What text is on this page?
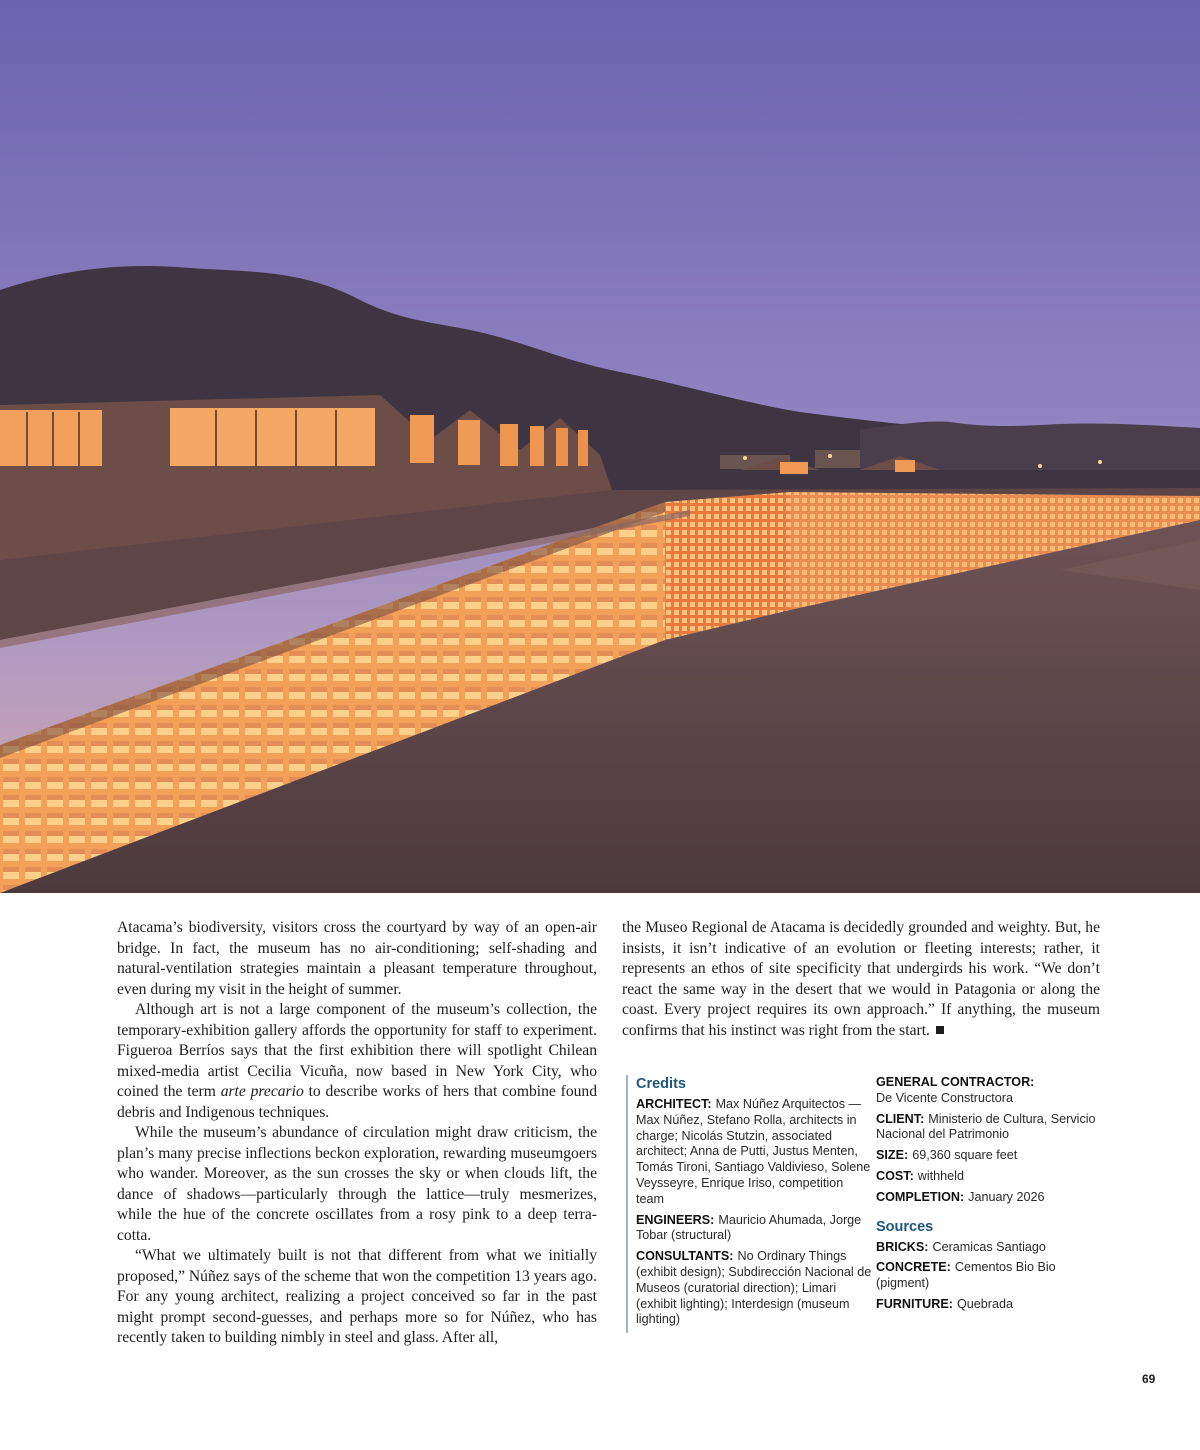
Atacama’s biodiversity, visitors cross the courtyard by way of an open-air bridge. In fact, the museum has no air-conditioning; self-shading and natural-ventilation strategies maintain a pleasant temperature throughout, even during my visit in the height of summer.

Although art is not a large component of the museum’s collection, the temporary-exhibition gallery affords the opportunity for staff to experiment. Figueroa Berríos says that the first exhibition there will spotlight Chilean mixed-media artist Cecilia Vicuña, now based in New York City, who coined the term arte precario to describe works of hers that combine found debris and Indigenous techniques.

While the museum’s abundance of circulation might draw criticism, the plan’s many precise inflections beckon exploration, rewarding museumgoers who wander. Moreover, as the sun crosses the sky or when clouds lift, the dance of shadows—particularly through the lattice—truly mesmerizes, while the hue of the concrete oscillates from a rosy pink to a deep terra-cotta.

“What we ultimately built is not that different from what we initially proposed,” Núñez says of the scheme that won the competition 13 years ago. For any young architect, realizing a project conceived so far in the past might prompt second-guesses, and perhaps more so for Núñez, who has recently taken to building nimbly in steel and glass. After all,

the Museo Regional de Atacama is decidedly grounded and weighty. But, he insists, it isn’t indicative of an evolution or fleeting interests; rather, it represents an ethos of site specificity that undergirds his work. “We don’t react the same way in the desert that we would in Patagonia or along the coast. Every project requires its own approach.” If anything, the museum confirms that his instinct was right from the start.

Credits

ARCHITECT: Max Núñez Arquitectos — Max Núñez, Stefano Rolla, architects in charge; Nicolás Stutzin, associated architect; Anna de Putti, Justus Menten, Tomás Tironi, Santiago Valdivieso, Solene Veysseyre, Enrique Iriso, competition team

ENGINEERS: Mauricio Ahumada, Jorge Tobar (structural)

CONSULTANTS: No Ordinary Things (exhibit design); Subdirección Nacional de Museos (curatorial direction); Limari (exhibit lighting); Interdesign (museum lighting)

GENERAL CONTRACTOR:
De Vicente Constructora

CLIENT: Ministerio de Cultura, Servicio Nacional del Patrimonio

SIZE: 69,360 square feet

COST: withheld

COMPLETION: January 2026

Sources

BRICKS: Ceramicas Santiago

CONCRETE: Cementos Bio Bio (pigment)

FURNITURE: Quebrada

69
